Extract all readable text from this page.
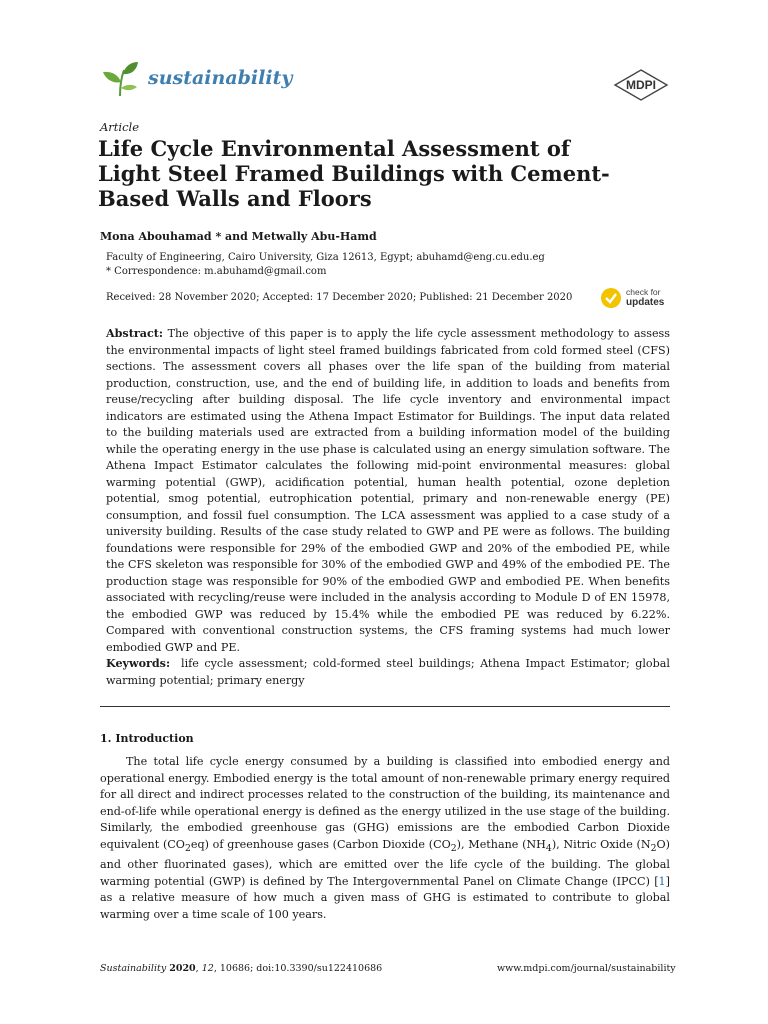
sustainability	MDPI
Article
Life Cycle Environmental Assessment of Light Steel Framed Buildings with Cement-Based Walls and Floors
Mona Abouhamad * and Metwally Abu-Hamd
Faculty of Engineering, Cairo University, Giza 12613, Egypt; abuhamd@eng.cu.edu.eg
* Correspondence: m.abuhamd@gmail.com
Received: 28 November 2020; Accepted: 17 December 2020; Published: 21 December 2020	check for
updates
Abstract: The objective of this paper is to apply the life cycle assessment methodology to assess the environmental impacts of light steel framed buildings fabricated from cold formed steel (CFS) sections. The assessment covers all phases over the life span of the building from material production, construction, use, and the end of building life, in addition to loads and benefits from reuse/recycling after building disposal. The life cycle inventory and environmental impact indicators are estimated using the Athena Impact Estimator for Buildings. The input data related to the building materials used are extracted from a building information model of the building while the operating energy in the use phase is calculated using an energy simulation software. The Athena Impact Estimator calculates the following mid-point environmental measures: global warming potential (GWP), acidification potential, human health potential, ozone depletion potential, smog potential, eutrophication potential, primary and non-renewable energy (PE) consumption, and fossil fuel consumption. The LCA assessment was applied to a case study of a university building. Results of the case study related to GWP and PE were as follows. The building foundations were responsible for 29% of the embodied GWP and 20% of the embodied PE, while the CFS skeleton was responsible for 30% of the embodied GWP and 49% of the embodied PE. The production stage was responsible for 90% of the embodied GWP and embodied PE. When benefits associated with recycling/reuse were included in the analysis according to Module D of EN 15978, the embodied GWP was reduced by 15.4% while the embodied PE was reduced by 6.22%. Compared with conventional construction systems, the CFS framing systems had much lower embodied GWP and PE.
Keywords: life cycle assessment; cold-formed steel buildings; Athena Impact Estimator; global warming potential; primary energy
1. Introduction
The total life cycle energy consumed by a building is classified into embodied energy and operational energy. Embodied energy is the total amount of non-renewable primary energy required for all direct and indirect processes related to the construction of the building, its maintenance and end-of-life while operational energy is defined as the energy utilized in the use stage of the building. Similarly, the embodied greenhouse gas (GHG) emissions are the embodied Carbon Dioxide equivalent $(CO_2eq)$ of greenhouse gases (Carbon Dioxide $(CO_2)$, Methane $(NH_4)$, Nitric Oxide $(N_2O)$ and other fluorinated gases), which are emitted over the life cycle of the building. The global warming potential (GWP) is defined by The Intergovernmental Panel on Climate Change (IPCC) [1] as a relative measure of how much a given mass of GHG is estimated to contribute to global warming over a time scale of 100 years.
Sustainability 2020, 12, 10686; doi:10.3390/su122410686	www.mdpi.com/journal/sustainability
